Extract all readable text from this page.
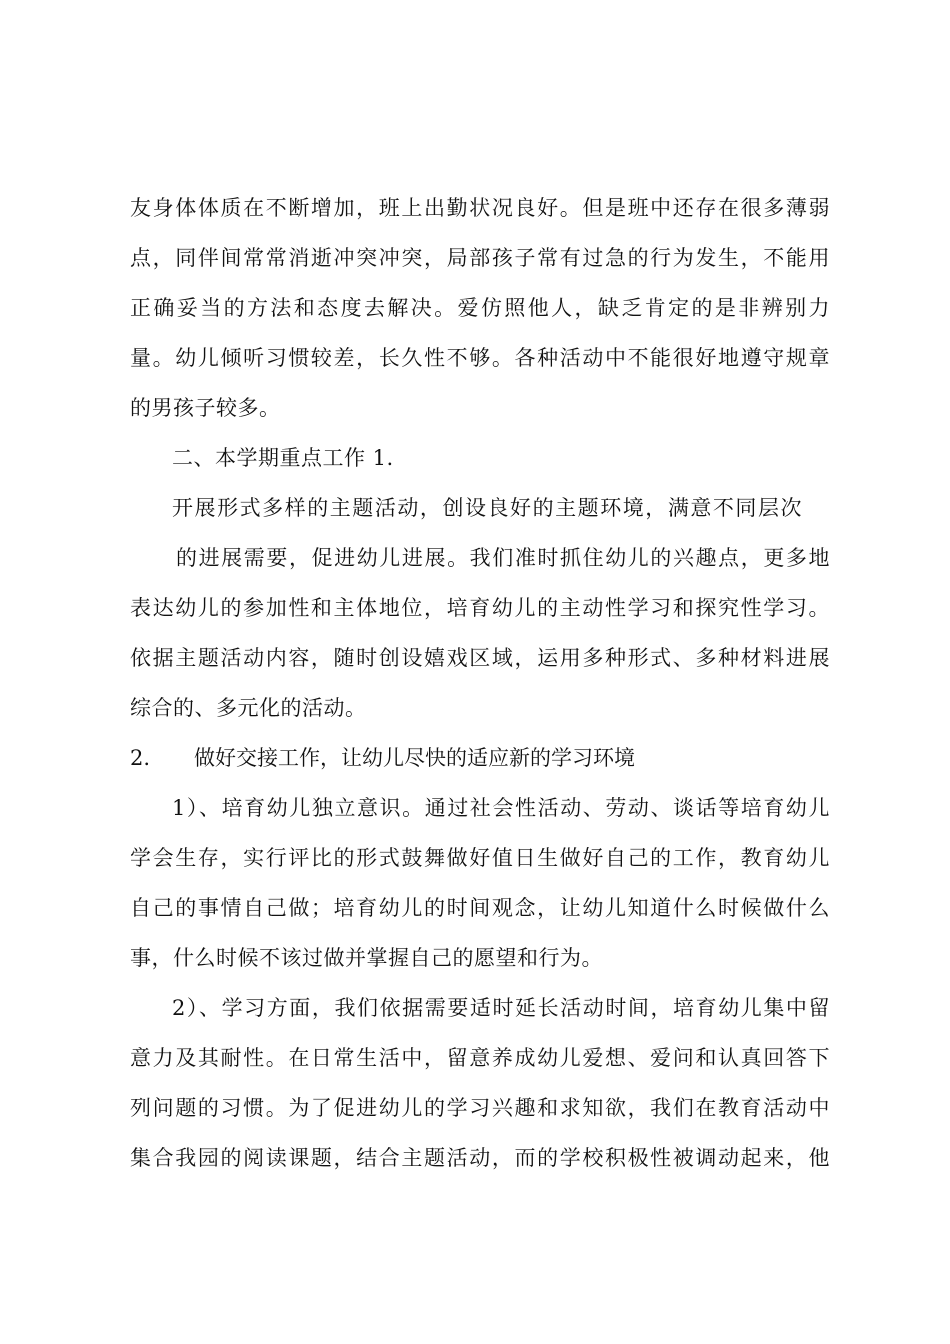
友身体体质在不断增加，班上出勤状况良好。但是班中还存在很多薄弱
点，同伴间常常消逝冲突冲突，局部孩子常有过急的行为发生，不能用
正确妥当的方法和态度去解决。爱仿照他人，缺乏肯定的是非辨别力
量。幼儿倾听习惯较差，长久性不够。各种活动中不能很好地遵守规章
的男孩子较多。
二、本学期重点工作 1.
开展形式多样的主题活动，创设良好的主题环境，满意不同层次
的进展需要，促进幼儿进展。我们准时抓住幼儿的兴趣点，更多地
表达幼儿的参加性和主体地位，培育幼儿的主动性学习和探究性学习。
依据主题活动内容，随时创设嬉戏区域，运用多种形式、多种材料进展
综合的、多元化的活动。
2. 做好交接工作，让幼儿尽快的适应新的学习环境
1）、培育幼儿独立意识。通过社会性活动、劳动、谈话等培育幼儿
学会生存，实行评比的形式鼓舞做好值日生做好自己的工作，教育幼儿
自己的事情自己做；培育幼儿的时间观念，让幼儿知道什么时候做什么
事，什么时候不该过做并掌握自己的愿望和行为。
2）、学习方面，我们依据需要适时延长活动时间，培育幼儿集中留
意力及其耐性。在日常生活中，留意养成幼儿爱想、爱问和认真回答下
列问题的习惯。为了促进幼儿的学习兴趣和求知欲，我们在教育活动中
集合我园的阅读课题，结合主题活动，而的学校积极性被调动起来，他
